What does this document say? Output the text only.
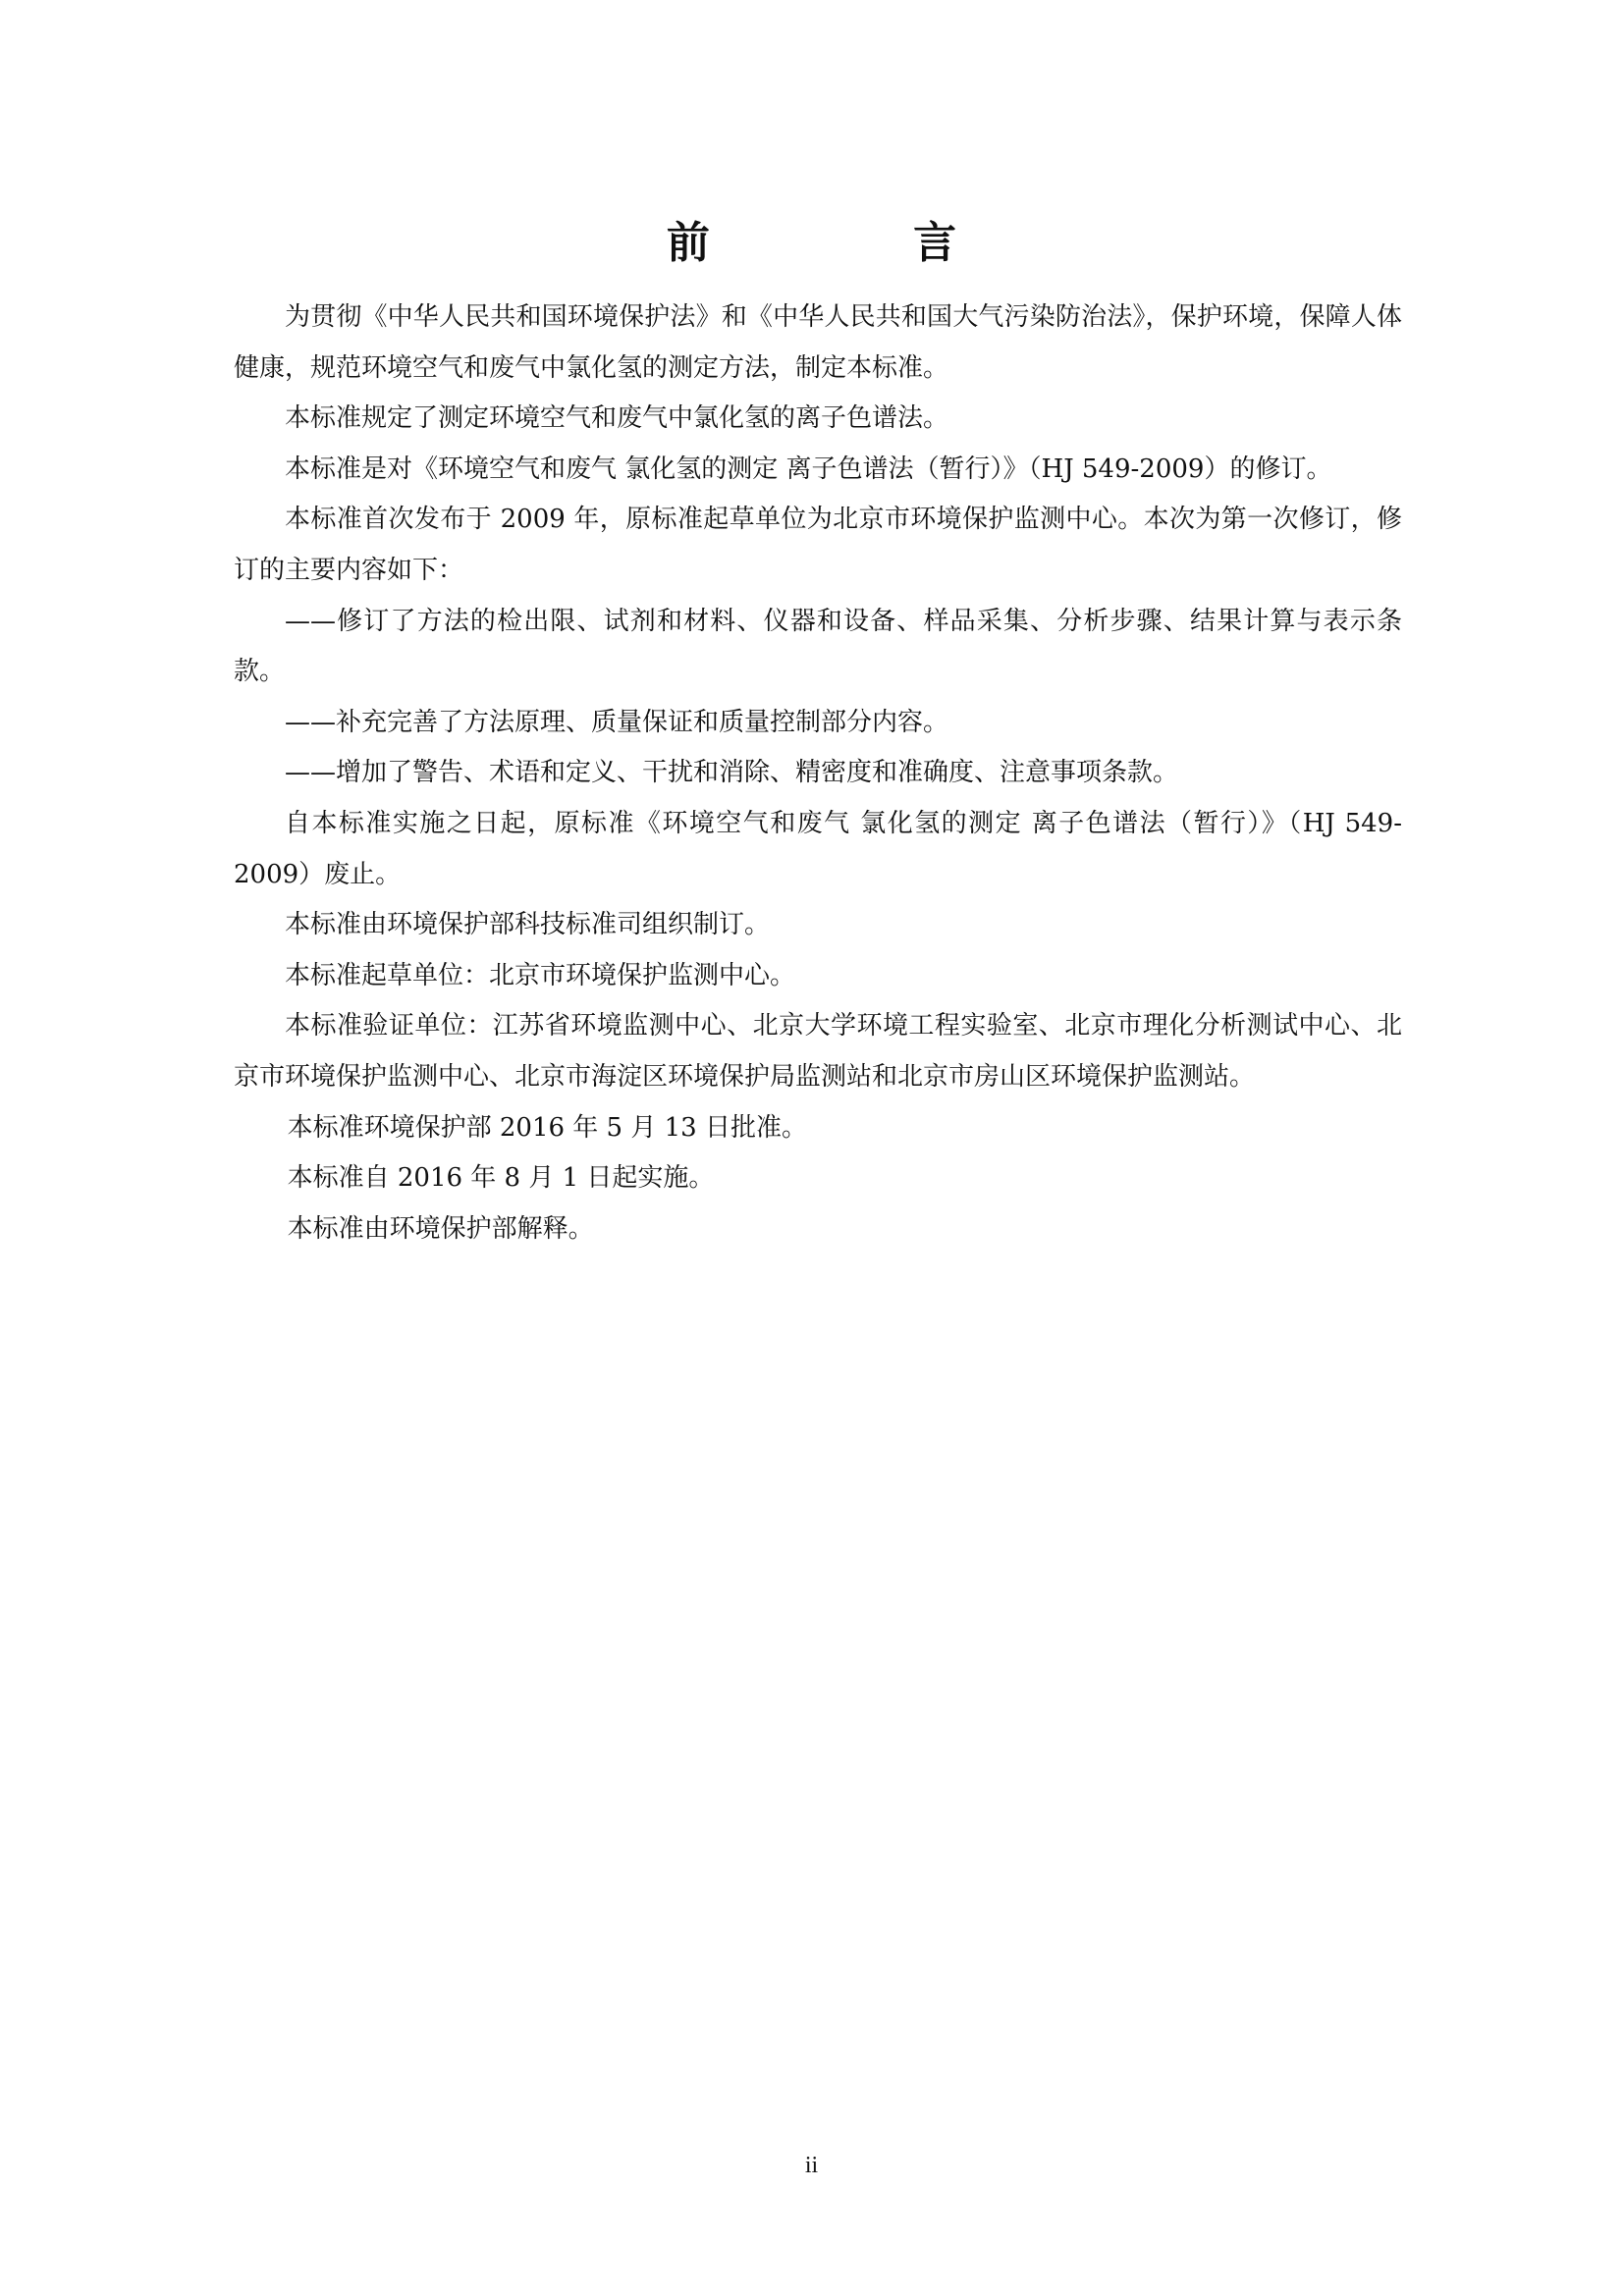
前 言

为贯彻《中华人民共和国环境保护法》和《中华人民共和国大气污染防治法》，保护环境，保障人体健康，规范环境空气和废气中氯化氢的测定方法，制定本标准。

本标准规定了测定环境空气和废气中氯化氢的离子色谱法。

本标准是对《环境空气和废气 氯化氢的测定 离子色谱法（暂行）》（HJ 549-2009）的修订。

本标准首次发布于 2009 年，原标准起草单位为北京市环境保护监测中心。本次为第一次修订，修订的主要内容如下：

——修订了方法的检出限、试剂和材料、仪器和设备、样品采集、分析步骤、结果计算与表示条款。

——补充完善了方法原理、质量保证和质量控制部分内容。

——增加了警告、术语和定义、干扰和消除、精密度和准确度、注意事项条款。

自本标准实施之日起，原标准《环境空气和废气 氯化氢的测定 离子色谱法（暂行）》（HJ 549-2009）废止。

本标准由环境保护部科技标准司组织制订。

本标准起草单位：北京市环境保护监测中心。

本标准验证单位：江苏省环境监测中心、北京大学环境工程实验室、北京市理化分析测试中心、北京市环境保护监测中心、北京市海淀区环境保护局监测站和北京市房山区环境保护监测站。

本标准环境保护部 2016 年 5 月 13 日批准。

本标准自 2016 年 8 月 1 日起实施。

本标准由环境保护部解释。

ii
